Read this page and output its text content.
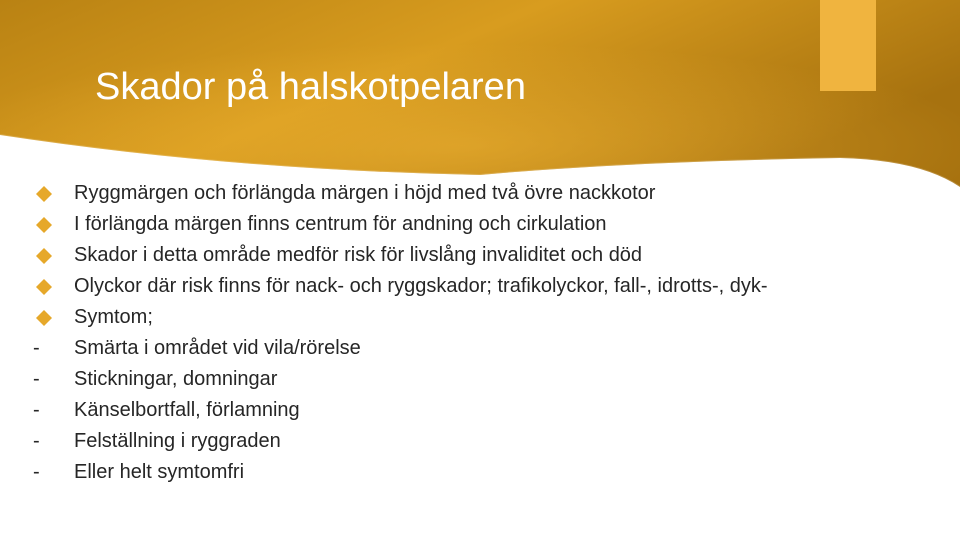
Skador på halskotpelaren
Ryggmärgen och förlängda märgen i höjd med två övre nackkotor
I förlängda märgen finns centrum för andning och cirkulation
Skador i detta område medför risk för livslång invaliditet och död
Olyckor där risk finns för nack- och ryggskador; trafikolyckor, fall-, idrotts-, dyk-
Symtom;
- Smärta i området vid vila/rörelse
- Stickningar, domningar
- Känselbortfall, förlamning
- Felställning i ryggraden
- Eller helt symtomfri
